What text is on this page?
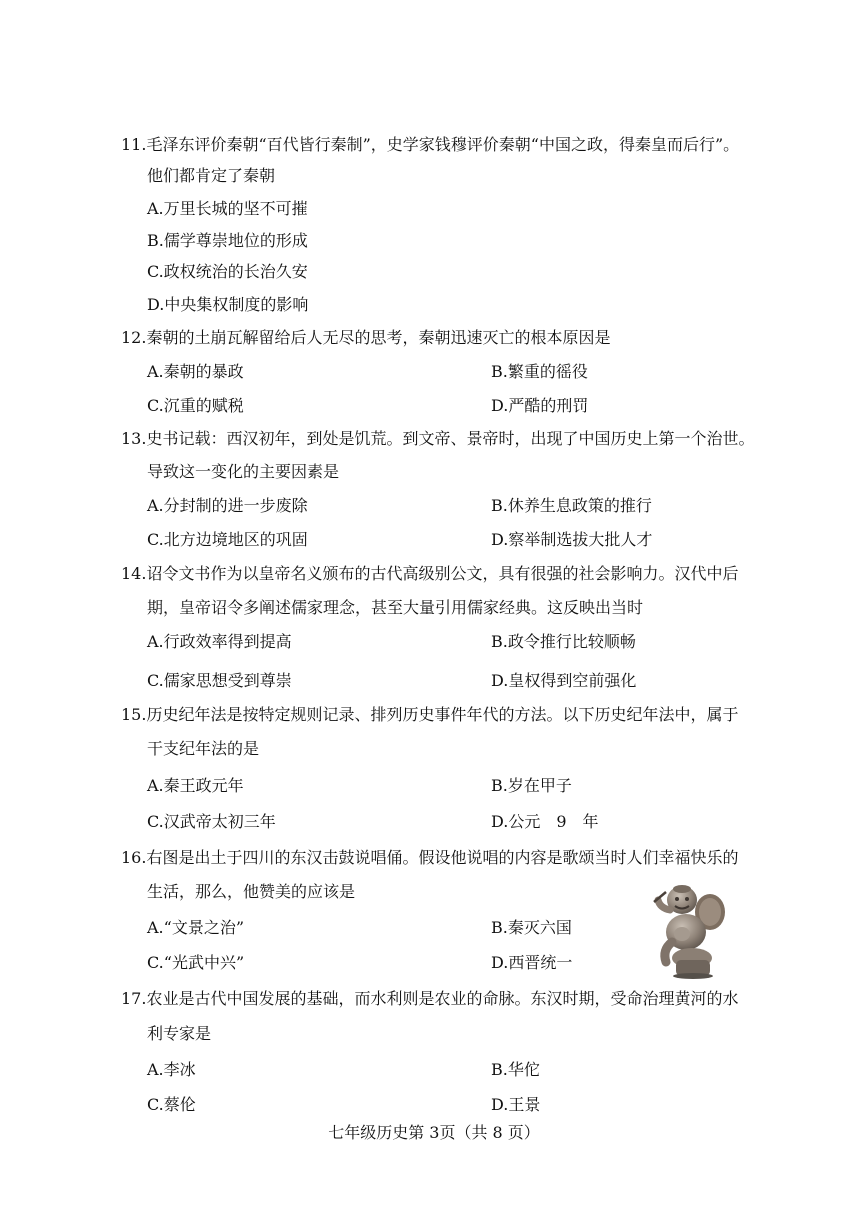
11.毛泽东评价秦朝“百代皆行秦制”，史学家钱穆评价秦朝“中国之政，得秦皇而后行”。
他们都肯定了秦朝
A.万里长城的坚不可摧
B.儒学尊崇地位的形成
C.政权统治的长治久安
D.中央集权制度的影响
12.秦朝的土崩瓦解留给后人无尽的思考，秦朝迅速灭亡的根本原因是
A.秦朝的暴政	B.繁重的徭役
C.沉重的赋税	D.严酷的刑罚
13.史书记载：西汉初年，到处是饥荒。到文帝、景帝时，出现了中国历史上第一个治世。
导致这一变化的主要因素是
A.分封制的进一步废除	B.休养生息政策的推行
C.北方边境地区的巩固	D.察举制选拔大批人才
14.诏令文书作为以皇帝名义颁布的古代高级别公文，具有很强的社会影响力。汉代中后
期，皇帝诏令多阐述儒家理念，甚至大量引用儒家经典。这反映出当时
A.行政效率得到提高	B.政令推行比较顺畅
C.儒家思想受到尊崇	D.皇权得到空前强化
15.历史纪年法是按特定规则记录、排列历史事件年代的方法。以下历史纪年法中，属于
干支纪年法的是
A.秦王政元年	B.岁在甲子
C.汉武帝太初三年	D.公元　9　年
16.右图是出土于四川的东汉击鼓说唱俑。假设他说唱的内容是歌颂当时人们幸福快乐的
生活，那么，他赞美的应该是
A.“文景之治”	B.秦灭六国
C.“光武中兴”	D.西晋统一
17.农业是古代中国发展的基础，而水利则是农业的命脉。东汉时期，受命治理黄河的水
利专家是
A.李冰	B.华佗
C.蔡伦	D.王景
七年级历史第 3页（共 8 页）
